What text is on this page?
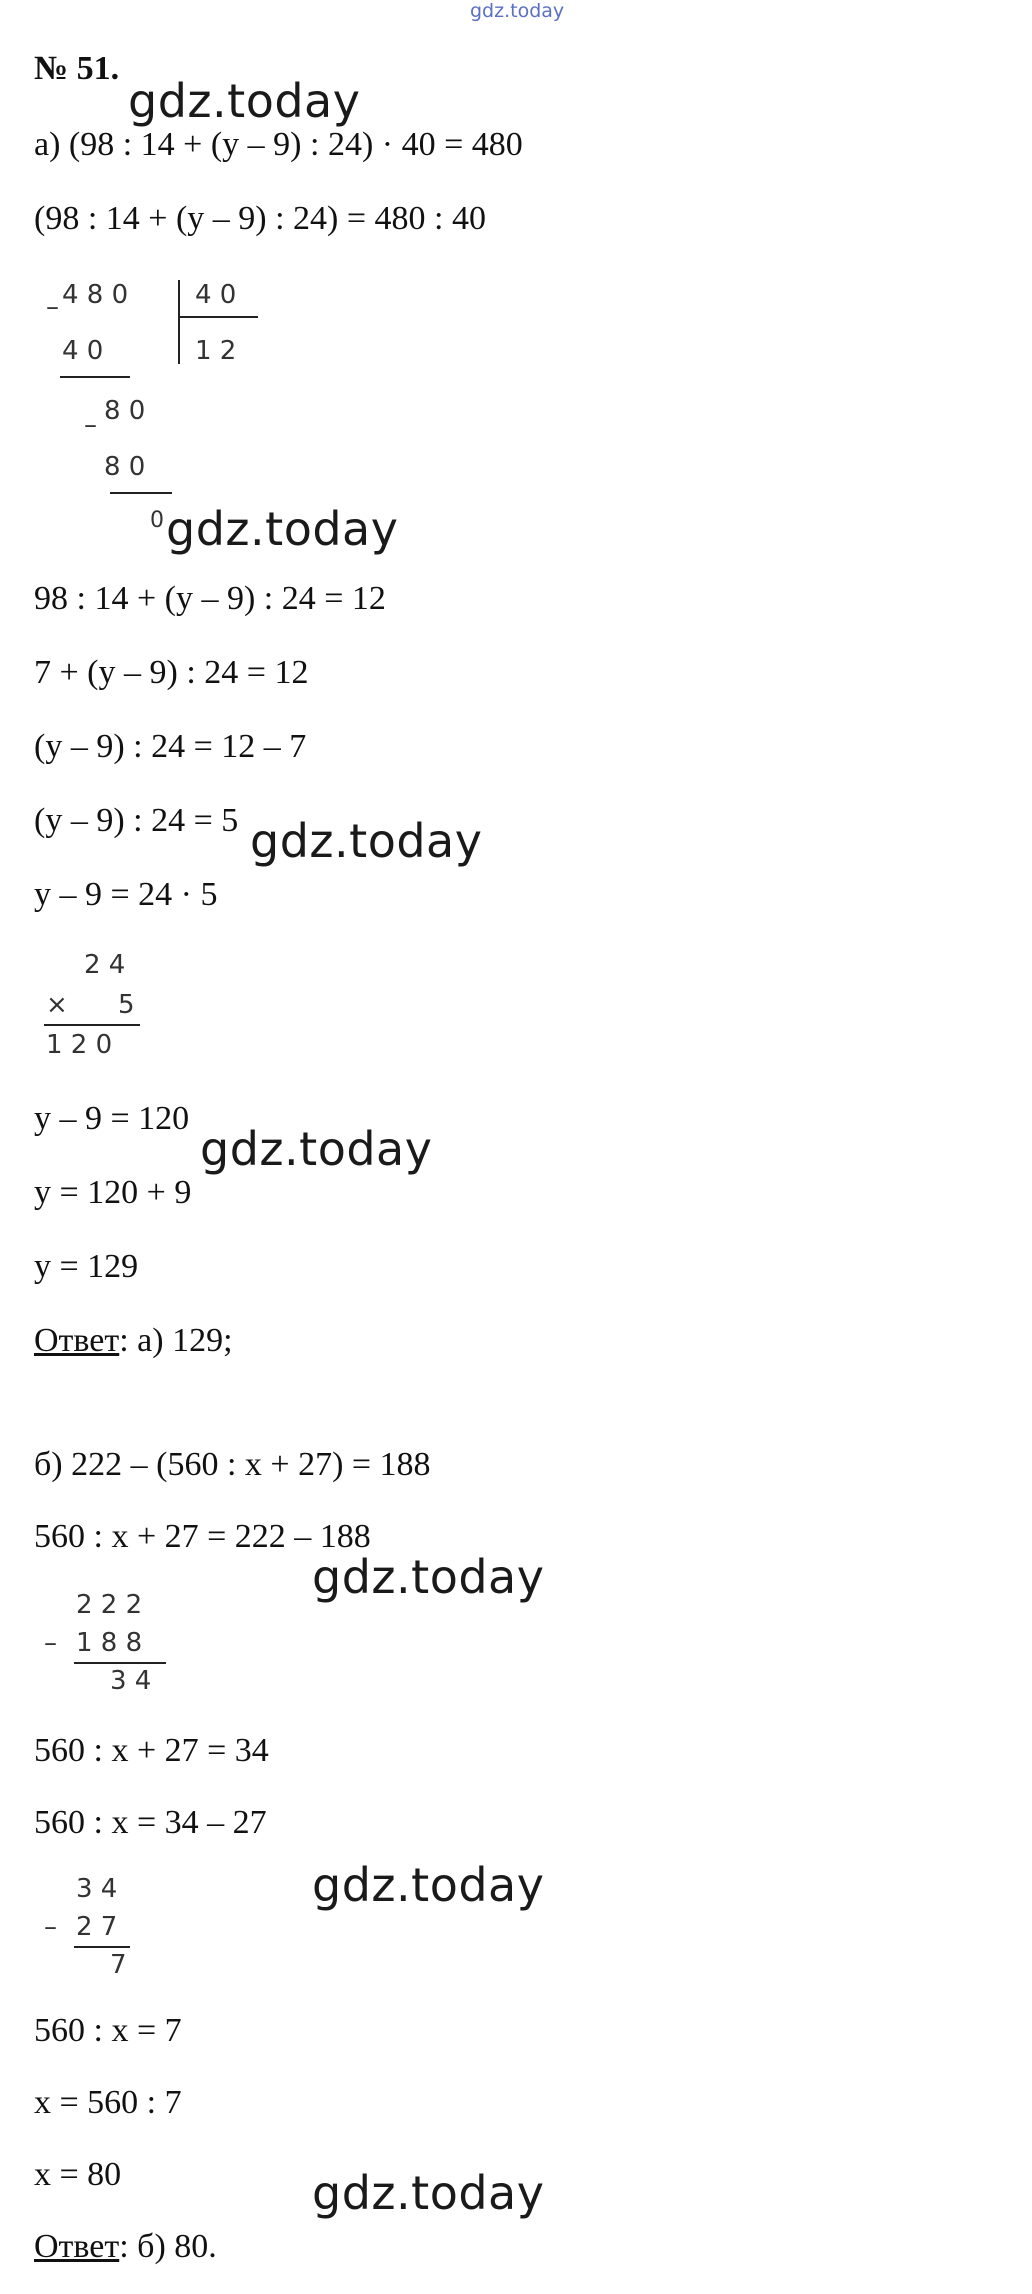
gdz.today
№ 51.
gdz.today
gdz.today
gdz.today
gdz.today
gdz.today
gdz.today
gdz.today
а) (98 : 14 + (у – 9) : 24) · 40 = 480
(98 : 14 + (у – 9) : 24) = 480 : 40
– 4 8 0	4 0
4 0	1 2
– 8 0
8 0
0
98 : 14 + (у – 9) : 24 = 12
7 + (у – 9) : 24 = 12
(у – 9) : 24 = 12 – 7
(у – 9) : 24 = 5
у – 9 = 24 · 5
2 4
× 5
1 2 0
у – 9 = 120
у = 120 + 9
у = 129
Ответ: а) 129;
б) 222 – (560 : х + 27) = 188
560 : х + 27 = 222 – 188
2 2 2
– 1 8 8
3 4
560 : х + 27 = 34
560 : х = 34 – 27
3 4
– 2 7
7
560 : х = 7
х = 560 : 7
х = 80
Ответ: б) 80.
